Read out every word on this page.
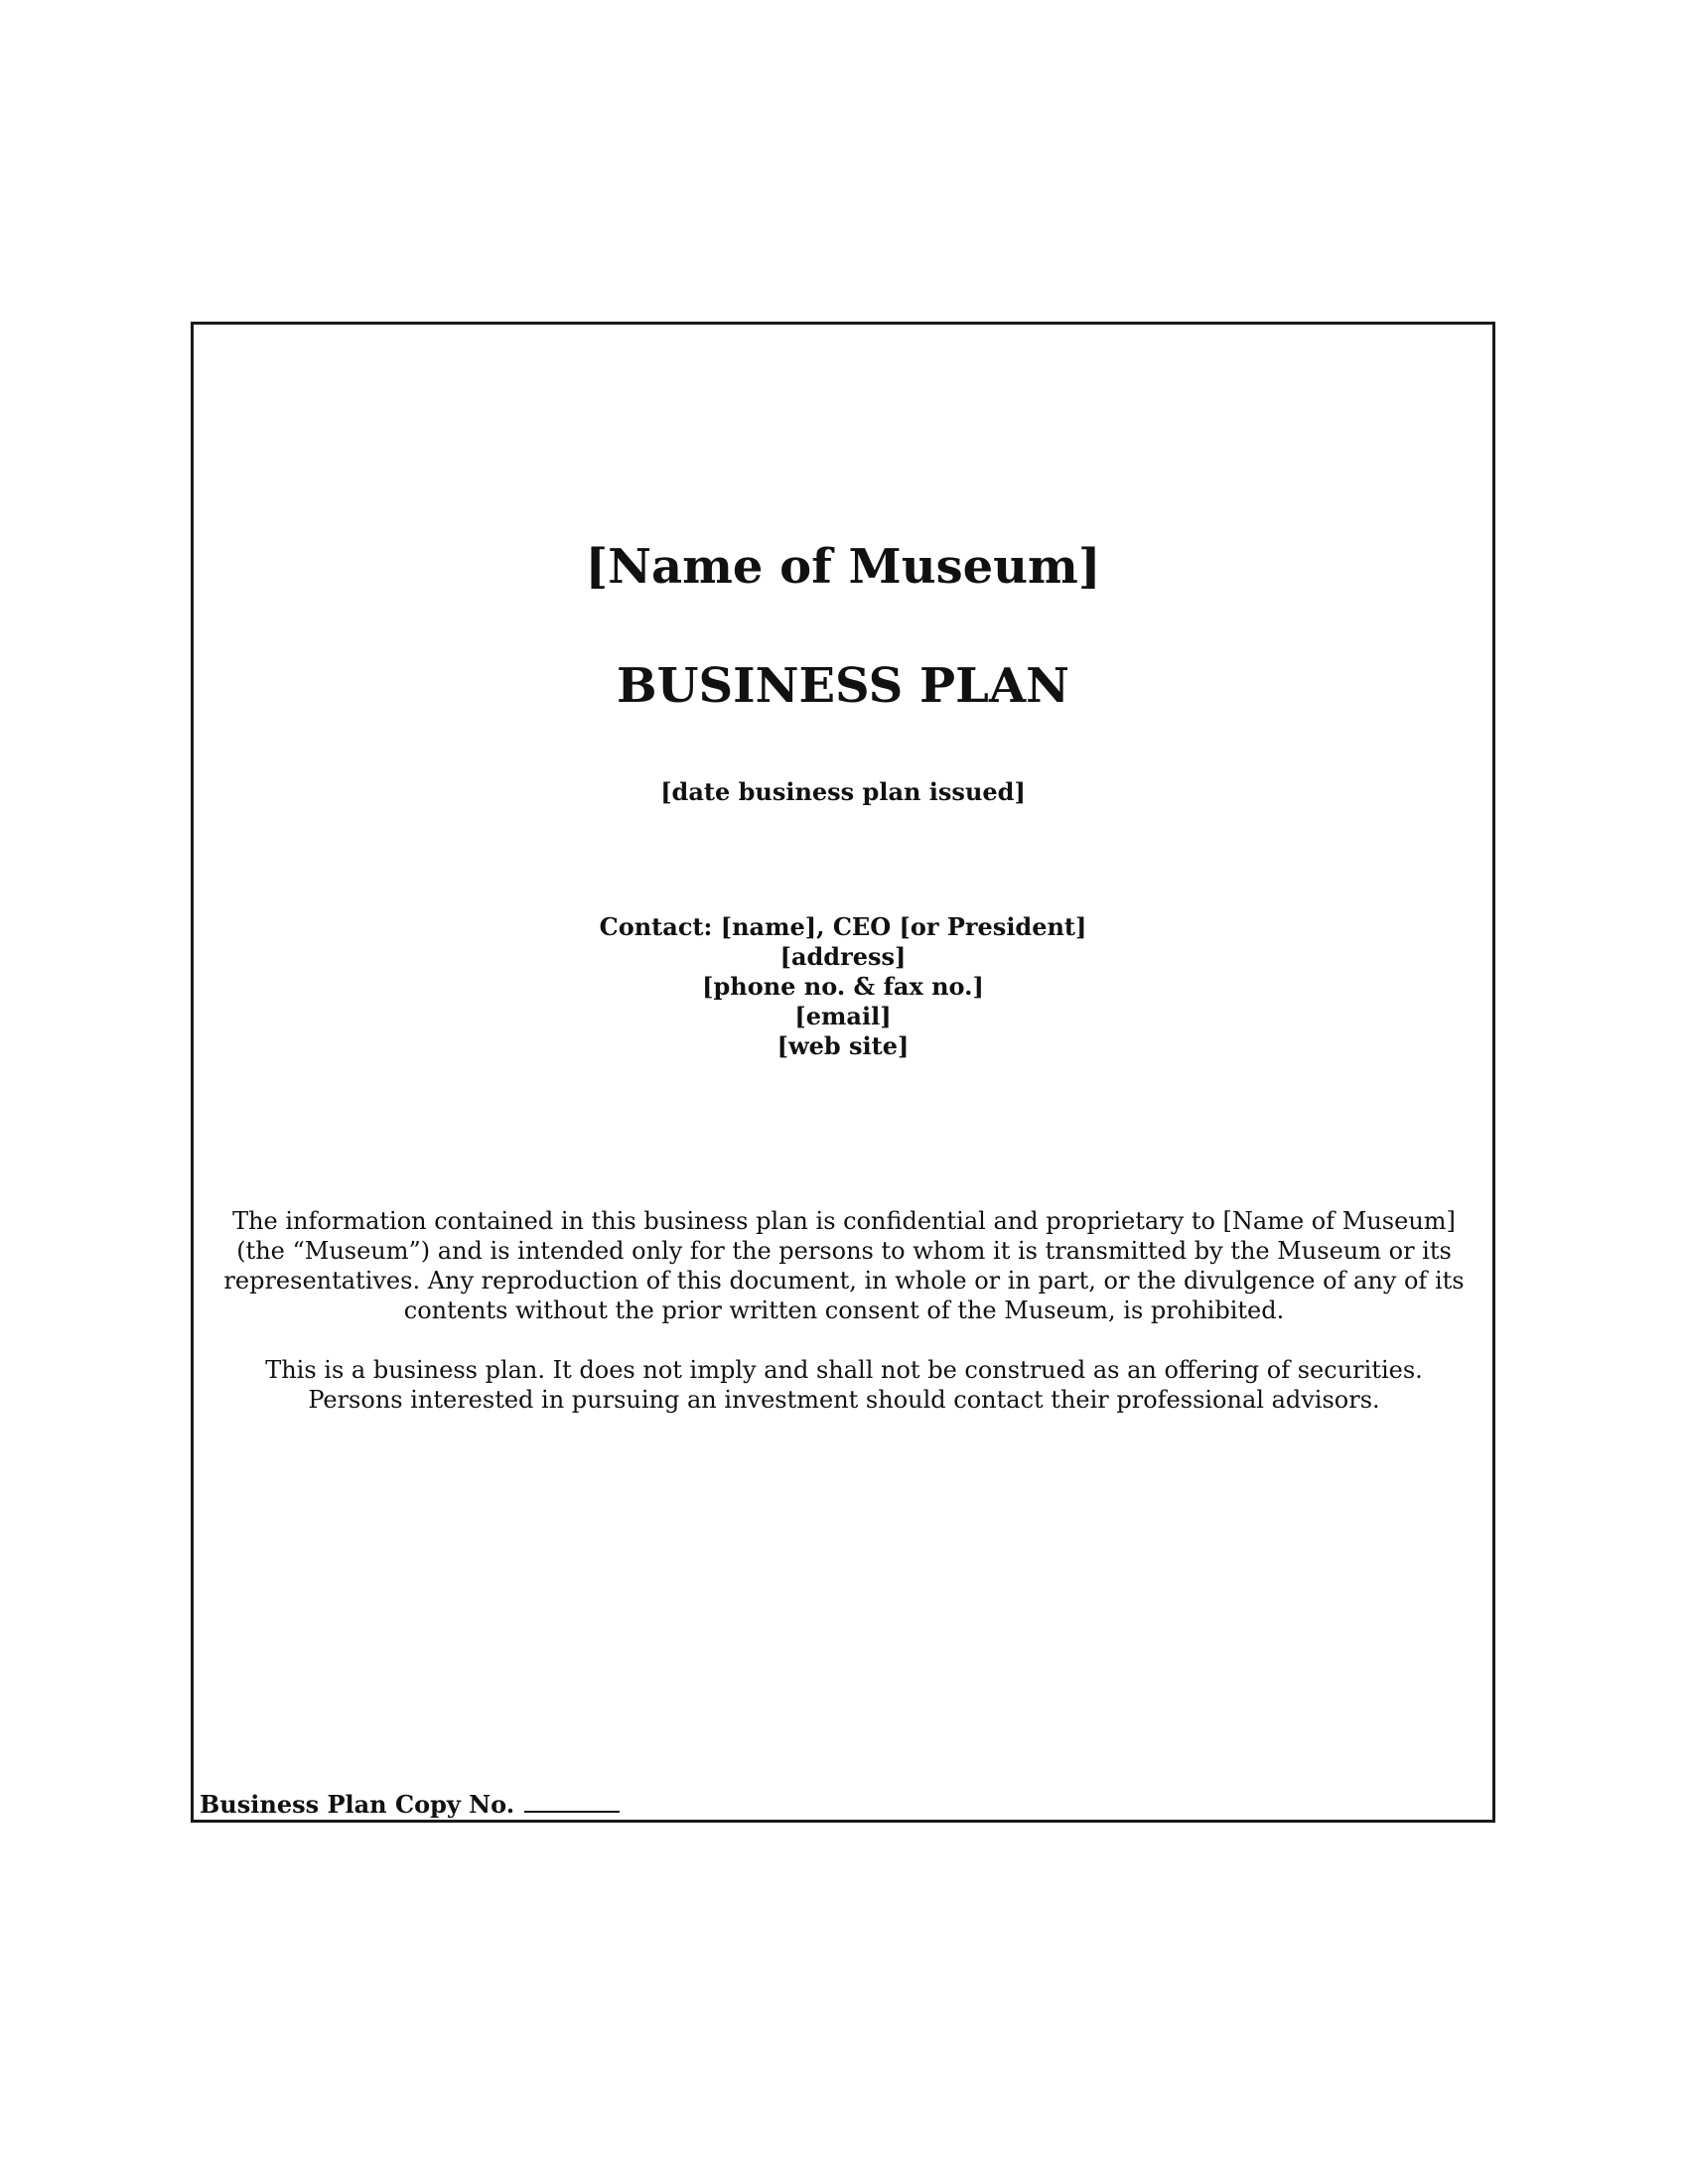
[Name of Museum]
BUSINESS PLAN
[date business plan issued]
Contact: [name], CEO [or President]
[address]
[phone no. & fax no.]
[email]
[web site]

The information contained in this business plan is confidential and proprietary to [Name of Museum] (the “Museum”) and is intended only for the persons to whom it is transmitted by the Museum or its representatives. Any reproduction of this document, in whole or in part, or the divulgence of any of its contents without the prior written consent of the Museum, is prohibited.

This is a business plan. It does not imply and shall not be construed as an offering of securities. Persons interested in pursuing an investment should contact their professional advisors.

Business Plan Copy No.
